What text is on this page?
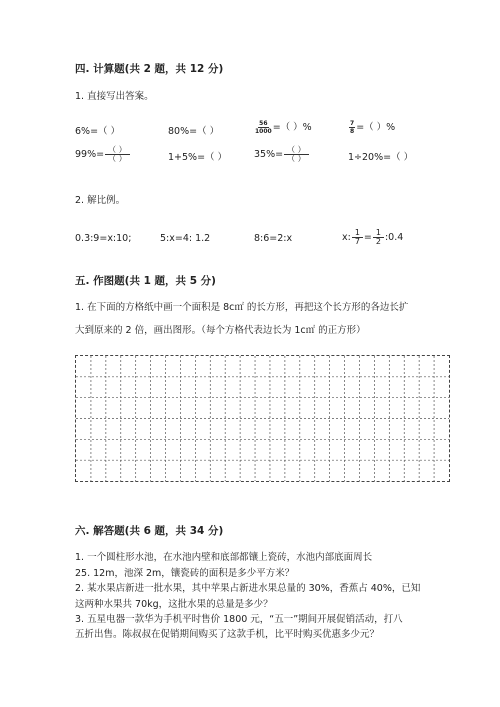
四. 计算题(共 2 题，共 12 分)
1. 直接写出答案。
6%=（ ）	80%=（ ）	$\frac{56}{1000}$ =（ ）%	$\frac{7}{8}$ =（ ）%
$99\%= \frac{( )}{( )}$	1+5%=（ ）	$35\%= \frac{( )}{( )}$	1÷20%=（ ）
2. 解比例。
0.3:9=x:10;	5:x=4: 1.2	8:6=2:x	x: $\frac{1}{7} = \frac{1}{2}$ :0.4
五. 作图题(共 1 题，共 5 分)
1. 在下面的方格纸中画一个面积是 8c㎡ 的长方形，再把这个长方形的各边长扩
大到原来的 2 倍，画出图形。（每个方格代表边长为 1c㎡ 的正方形）
六. 解答题(共 6 题，共 34 分)
1. 一个圆柱形水池，在水池内壁和底部都镶上瓷砖，水池内部底面周长
25. 12m，池深 2m，镶瓷砖的面积是多少平方米？
2. 某水果店新进一批水果，其中苹果占新进水果总量的 30%，香蕉占 40%，已知
这两种水果共 70kg，这批水果的总量是多少？
3. 五星电器一款华为手机平时售价 1800 元，“五一”期间开展促销活动，打八
五折出售。陈叔叔在促销期间购买了这款手机，比平时购买优惠多少元？
